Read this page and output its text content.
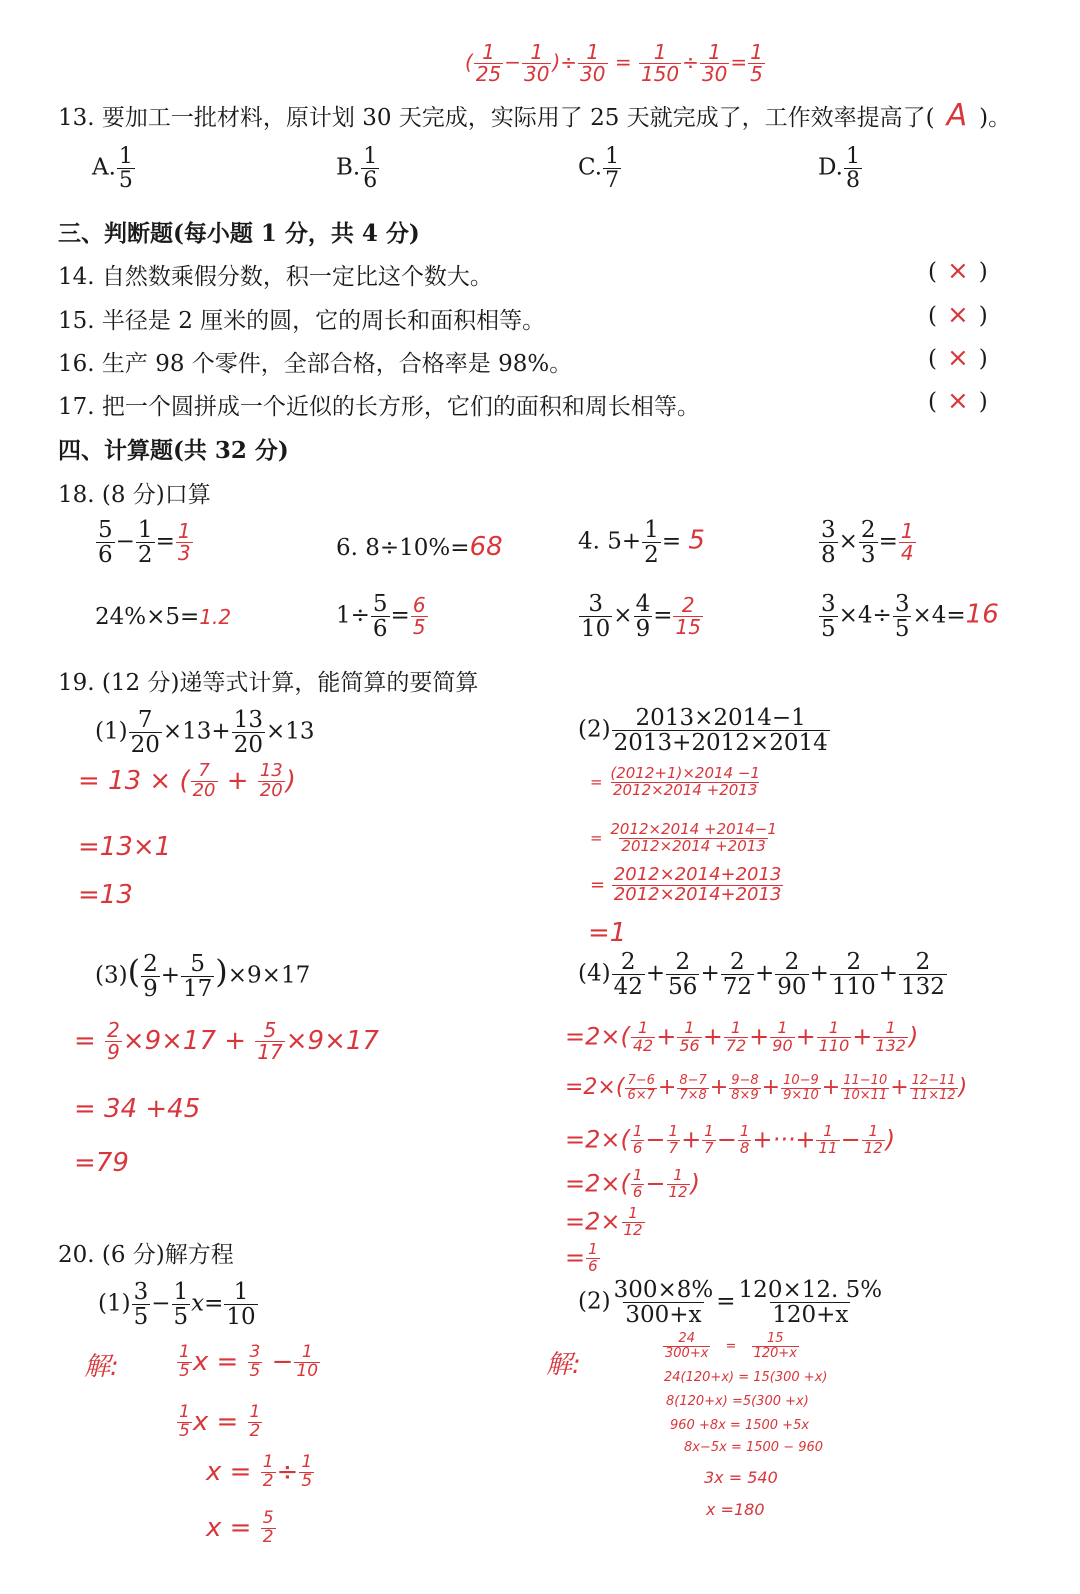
( $\frac{1}{25} - \frac{1}{30}$ )÷ $\frac{1}{30} = \frac{1}{150} \div \frac{1}{30} = \frac{1}{5}$
13. 要加工一批材料，原计划 30 天完成，实际用了 25 天就完成了，工作效率提高了( A )。
A. $\frac{1}{5}$	B. $\frac{1}{6}$	C. $\frac{1}{7}$	D. $\frac{1}{8}$
三、判断题(每小题 1 分，共 4 分)
14. 自然数乘假分数，积一定比这个数大。	( × )
15. 半径是 2 厘米的圆，它的周长和面积相等。	( × )
16. 生产 98 个零件，全部合格，合格率是 98%。	( × )
17. 把一个圆拼成一个近似的长方形，它们的面积和周长相等。	( × )
四、计算题(共 32 分)
18. (8 分)口算
$\frac{5}{6} - \frac{1}{2} = \frac{1}{3}$	6. 8÷10%=68	4. $5+ \frac{1}{2} = 5$	$\frac{3}{8} \times \frac{2}{3} = \frac{1}{4}$
24%×5=1.2	$1\div \frac{5}{6} = \frac{6}{5}$	$\frac{3}{10} \times \frac{4}{9} = \frac{2}{15}$	$\frac{3}{5} \times 4\div \frac{3}{5} \times 4=16$
19. (12 分)递等式计算，能简算的要简算
$(1) \frac{7}{20} \times 13+ \frac{13}{20} \times 13$
= 13 × ( $\frac{7}{20} + \frac{13}{20}$ )
=13×1
=13
$(2) \frac{2013\times 2014-1}{2013+2012\times 2014}$
= $\frac{(2012+1)\times 2014 -1}{2012\times 2014 +2013}$
= $\frac{2012\times 2014 +2014-1}{2012\times 2014 +2013}$
= $\frac{2012\times 2014+2013}{2012\times 2014+2013}$
=1
$(3)( \frac{2}{9} + \frac{5}{17} )\times 9\times 17$
= $\frac{2}{9} \times 9\times 17 + \frac{5}{17} \times 9\times 17$
= 34 +45
=79
$(4) \frac{2}{42} + \frac{2}{56} + \frac{2}{72} + \frac{2}{90} + \frac{2}{110} + \frac{2}{132}$
$=2\times( \frac{1}{42} + \frac{1}{56} + \frac{1}{72} + \frac{1}{90} + \frac{1}{110} + \frac{1}{132}$ )
$=2\times( \frac{7-6}{6\times 7} + \frac{8-7}{7\times 8} + \frac{9-8}{8\times 9} + \frac{10-9}{9\times 10} + \frac{11-10}{10\times 11} + \frac{12-11}{11\times 12}$ )
$=2\times( \frac{1}{6} - \frac{1}{7} + \frac{1}{7} - \frac{1}{8}$ +···+ $\frac{1}{11} - \frac{1}{12}$ )
$=2\times( \frac{1}{6} - \frac{1}{12}$ )
$=2\times \frac{1}{12}$
= $\frac{1}{6}$
20. (6 分)解方程
$(1) \frac{3}{5} - \frac{1}{5} x= \frac{1}{10}$
解:	$\frac{1}{5}$ $x = \frac{3}{5} - \frac{1}{10}$
$\frac{1}{5}$ $x = \frac{1}{2}$
$x = \frac{1}{2} \div \frac{1}{5}$
$x = \frac{5}{2}$
$(2) \frac{300\times 8\%}{300+x} = \frac{120\times 12. 5\%}{120+x}$
解:
$\frac{24}{300+x} = \frac{15}{120+x}$
24(120+x) = 15(300 +x)
8(120+x) =5(300 +x)
960 +8x = 1500 +5x
8x−5x = 1500 − 960
3x = 540
x =180
